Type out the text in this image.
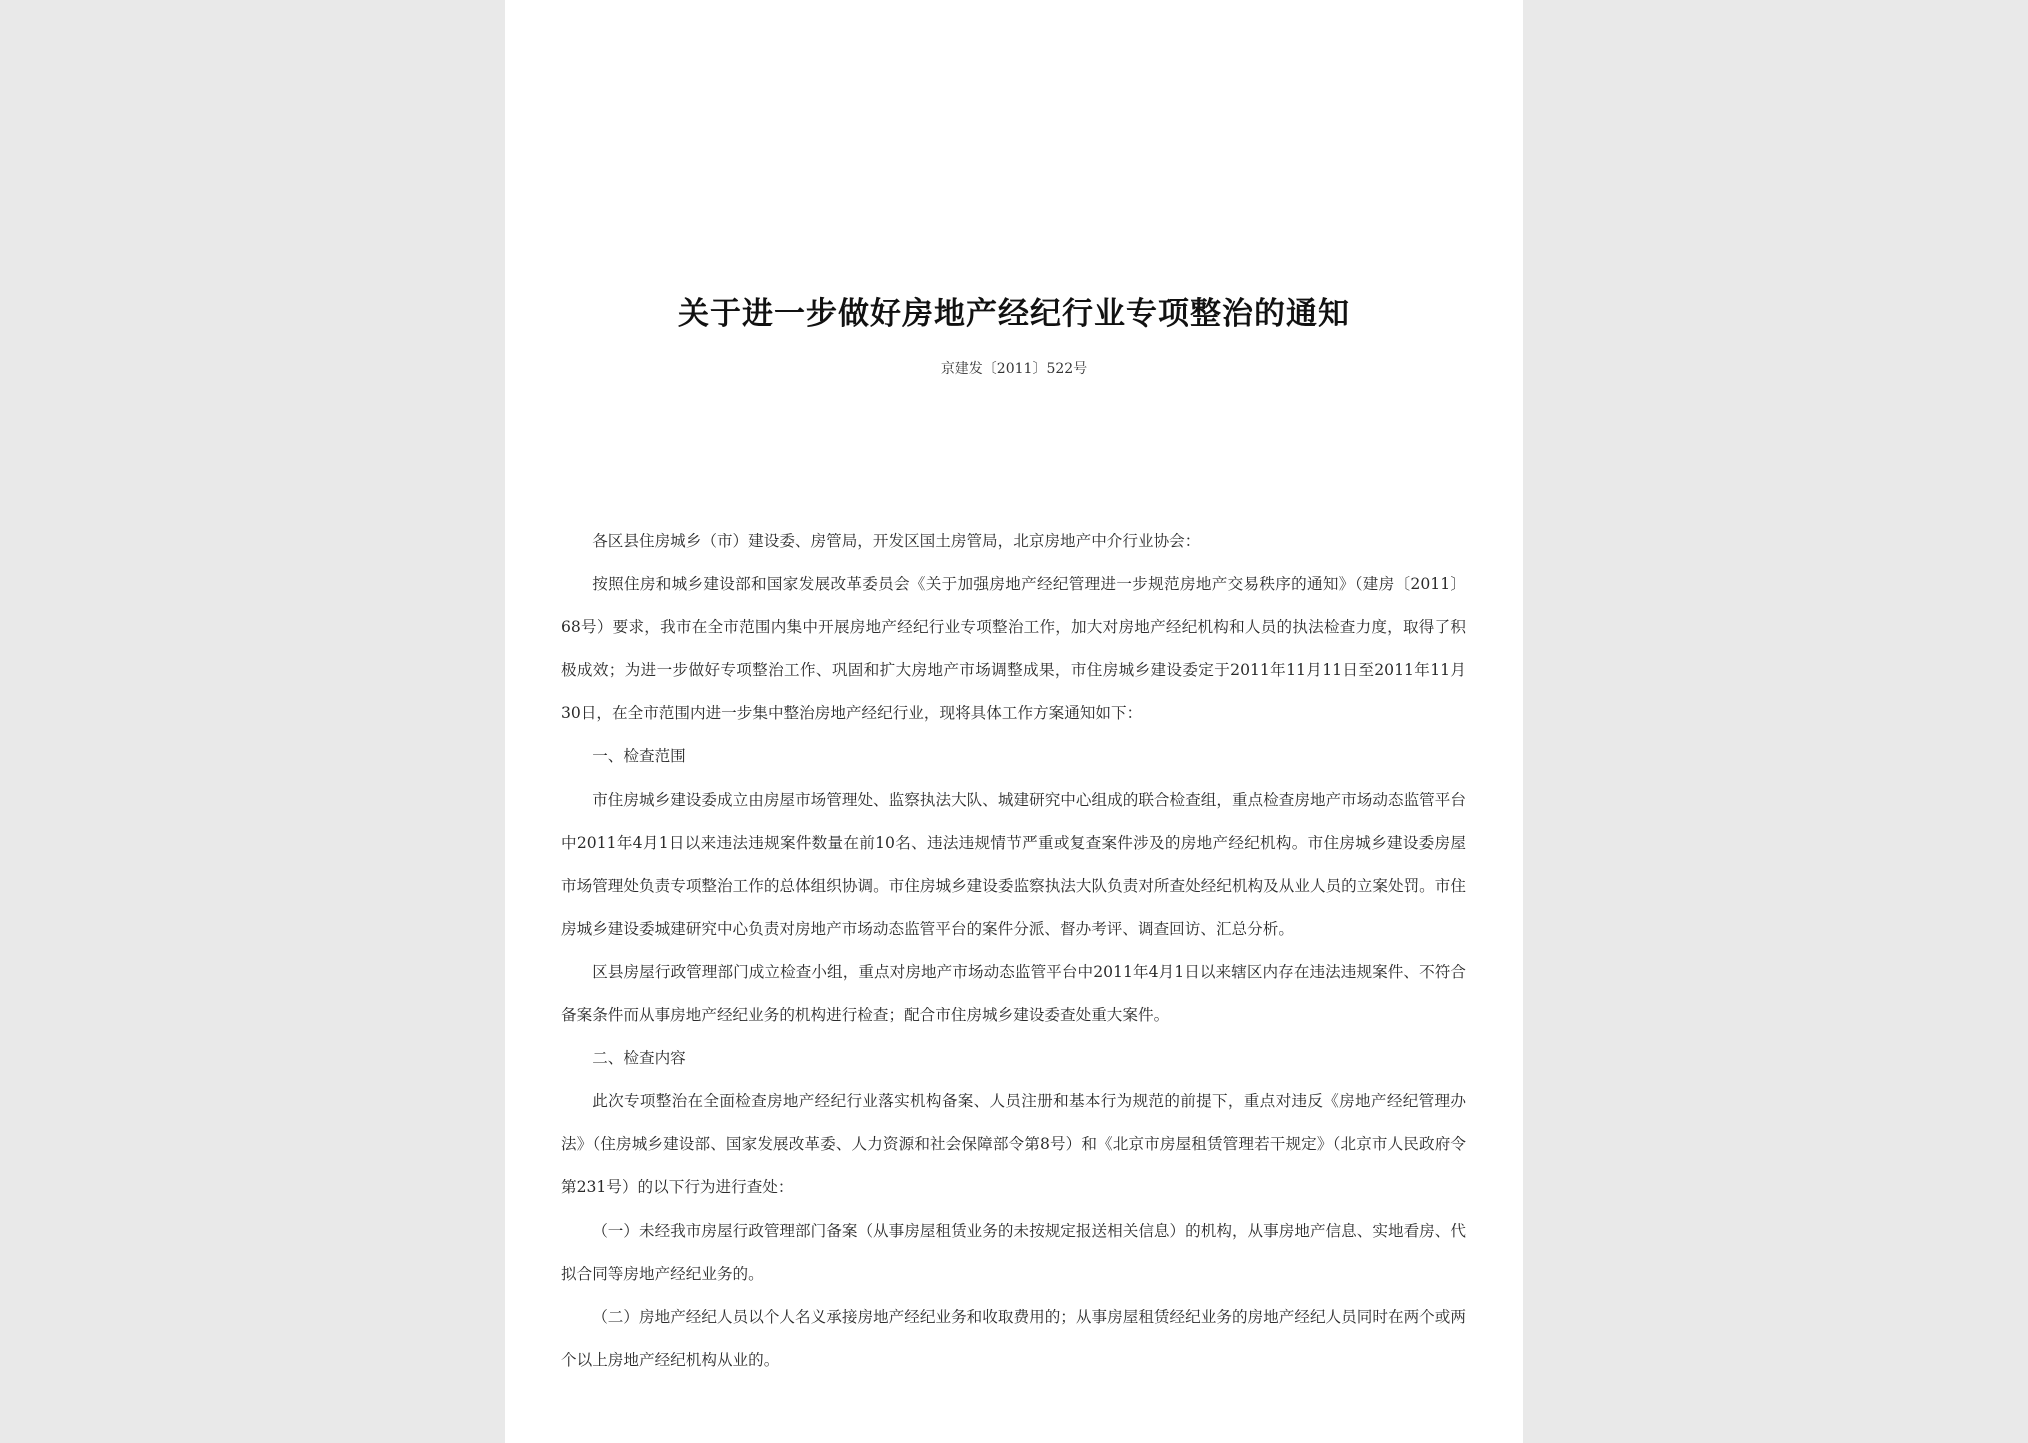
关于进一步做好房地产经纪行业专项整治的通知
京建发〔2011〕522号

各区县住房城乡（市）建设委、房管局，开发区国土房管局，北京房地产中介行业协会：

按照住房和城乡建设部和国家发展改革委员会《关于加强房地产经纪管理进一步规范房地产交易秩序的通知》（建房〔2011〕68号）要求，我市在全市范围内集中开展房地产经纪行业专项整治工作，加大对房地产经纪机构和人员的执法检查力度，取得了积极成效；为进一步做好专项整治工作、巩固和扩大房地产市场调整成果，市住房城乡建设委定于2011年11月11日至2011年11月30日，在全市范围内进一步集中整治房地产经纪行业，现将具体工作方案通知如下：

一、检查范围

市住房城乡建设委成立由房屋市场管理处、监察执法大队、城建研究中心组成的联合检查组，重点检查房地产市场动态监管平台中2011年4月1日以来违法违规案件数量在前10名、违法违规情节严重或复查案件涉及的房地产经纪机构。市住房城乡建设委房屋市场管理处负责专项整治工作的总体组织协调。市住房城乡建设委监察执法大队负责对所查处经纪机构及从业人员的立案处罚。市住房城乡建设委城建研究中心负责对房地产市场动态监管平台的案件分派、督办考评、调查回访、汇总分析。

区县房屋行政管理部门成立检查小组，重点对房地产市场动态监管平台中2011年4月1日以来辖区内存在违法违规案件、不符合备案条件而从事房地产经纪业务的机构进行检查；配合市住房城乡建设委查处重大案件。

二、检查内容

此次专项整治在全面检查房地产经纪行业落实机构备案、人员注册和基本行为规范的前提下，重点对违反《房地产经纪管理办法》（住房城乡建设部、国家发展改革委、人力资源和社会保障部令第8号）和《北京市房屋租赁管理若干规定》（北京市人民政府令第231号）的以下行为进行查处：

（一）未经我市房屋行政管理部门备案（从事房屋租赁业务的未按规定报送相关信息）的机构，从事房地产信息、实地看房、代拟合同等房地产经纪业务的。

（二）房地产经纪人员以个人名义承接房地产经纪业务和收取费用的；从事房屋租赁经纪业务的房地产经纪人员同时在两个或两个以上房地产经纪机构从业的。
